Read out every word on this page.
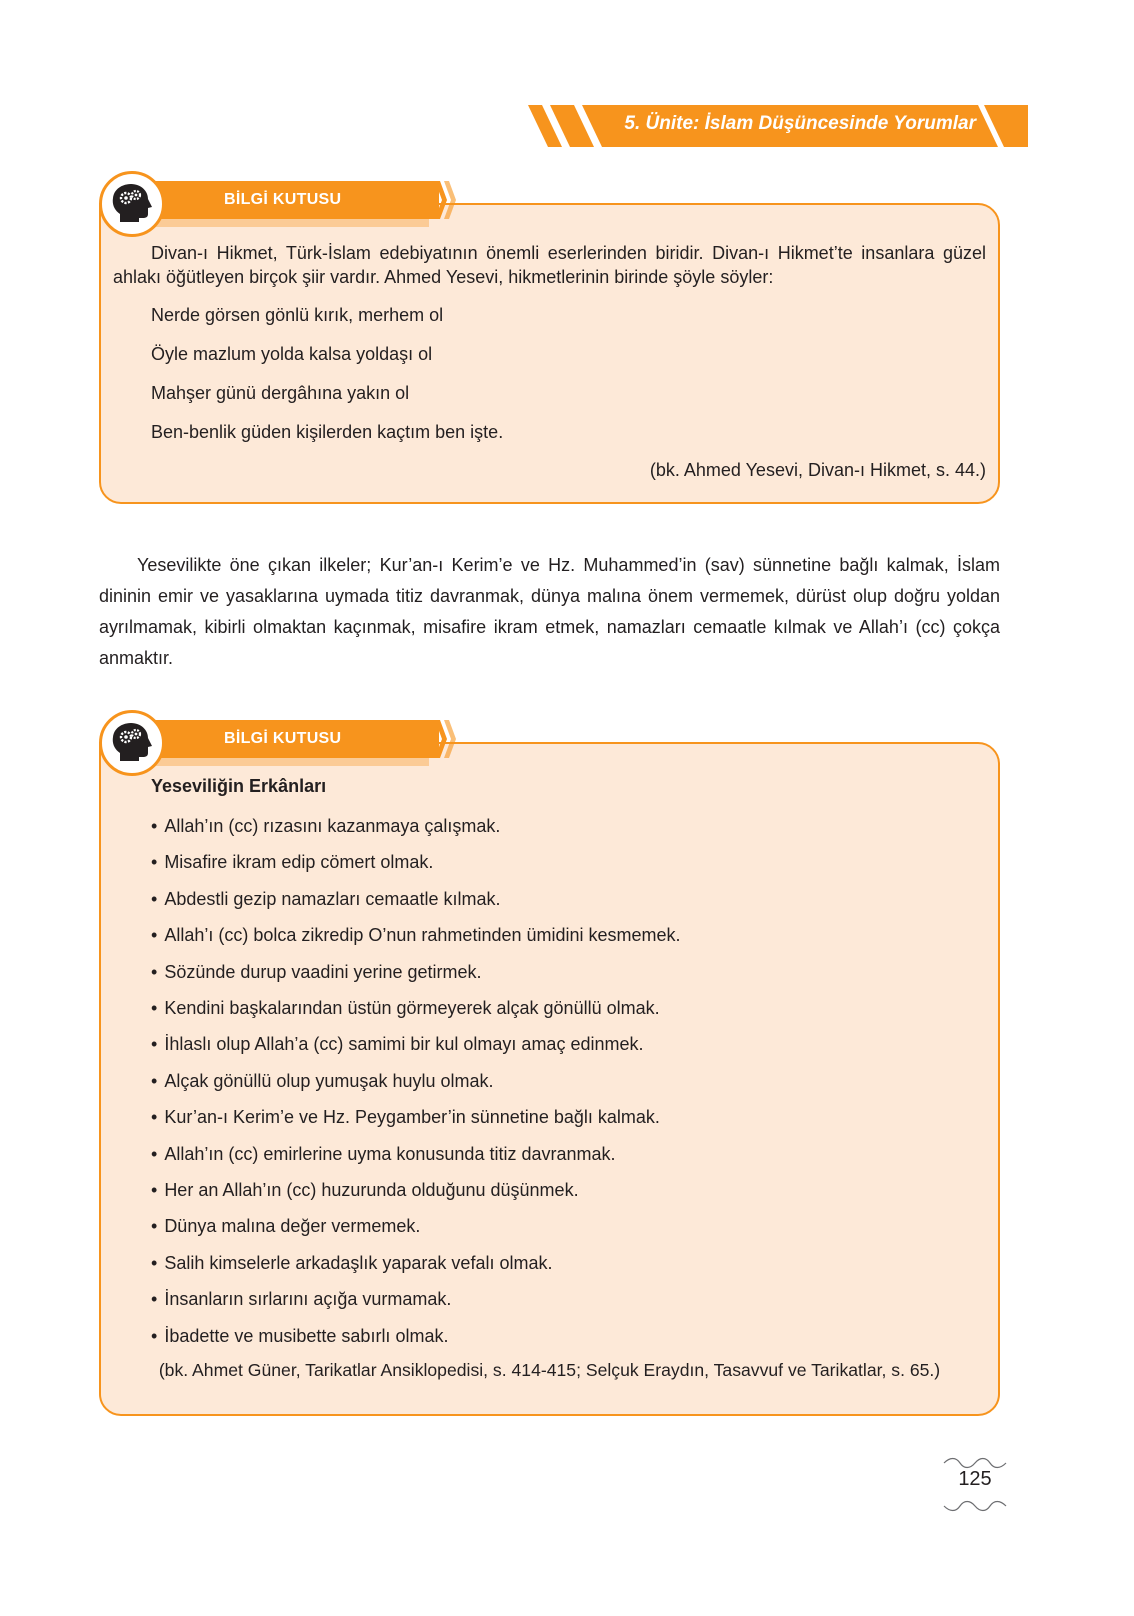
5. Ünite: İslam Düşüncesinde Yorumlar

Divan-ı Hikmet, Türk-İslam edebiyatının önemli eserlerinden biridir. Divan-ı Hikmet’te insanlara güzel ahlakı öğütleyen birçok şiir vardır. Ahmed Yesevi, hikmetlerinin birinde şöyle söyler:

Nerde görsen gönlü kırık, merhem ol
Öyle mazlum yolda kalsa yoldaşı ol
Mahşer günü dergâhına yakın ol
Ben-benlik güden kişilerden kaçtım ben işte.
(bk. Ahmed Yesevi, Divan-ı Hikmet, s. 44.)
BİLGİ KUTUSU

Yesevilikte öne çıkan ilkeler; Kur’an-ı Kerim’e ve Hz. Muhammed’in (sav) sünnetine bağlı kalmak, İslam dininin emir ve yasaklarına uymada titiz davranmak, dünya malına önem vermemek, dürüst olup doğru yoldan ayrılmamak, kibirli olmaktan kaçınmak, misafire ikram etmek, namazları cemaatle kılmak ve Allah’ı (cc) çokça anmaktır.

Yeseviliğin Erkânları
• Allah’ın (cc) rızasını kazanmaya çalışmak.
• Misafire ikram edip cömert olmak.
• Abdestli gezip namazları cemaatle kılmak.
• Allah’ı (cc) bolca zikredip O’nun rahmetinden ümidini kesmemek.
• Sözünde durup vaadini yerine getirmek.
• Kendini başkalarından üstün görmeyerek alçak gönüllü olmak.
• İhlaslı olup Allah’a (cc) samimi bir kul olmayı amaç edinmek.
• Alçak gönüllü olup yumuşak huylu olmak.
• Kur’an-ı Kerim’e ve Hz. Peygamber’in sünnetine bağlı kalmak.
• Allah’ın (cc) emirlerine uyma konusunda titiz davranmak.
• Her an Allah’ın (cc) huzurunda olduğunu düşünmek.
• Dünya malına değer vermemek.
• Salih kimselerle arkadaşlık yaparak vefalı olmak.
• İnsanların sırlarını açığa vurmamak.
• İbadette ve musibette sabırlı olmak.
(bk. Ahmet Güner, Tarikatlar Ansiklopedisi, s. 414-415; Selçuk Eraydın, Tasavvuf ve Tarikatlar, s. 65.)
BİLGİ KUTUSU
125
